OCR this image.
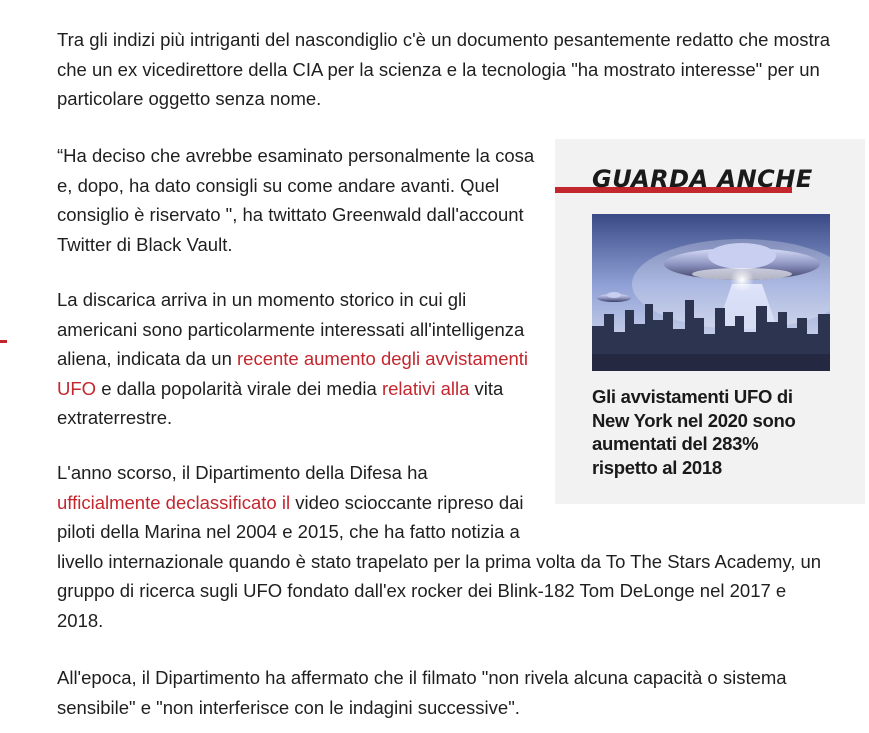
Tra gli indizi più intriganti del nascondiglio c'è un documento pesantemente redatto che mostra che un ex vicedirettore della CIA per la scienza e la tecnologia "ha mostrato interesse" per un particolare oggetto senza nome.

“Ha deciso che avrebbe esaminato personalmente la cosa e, dopo, ha dato consigli su come andare avanti. Quel consiglio è riservato ", ha twittato Greenwald dall'account Twitter di Black Vault.

La discarica arriva in un momento storico in cui gli americani sono particolarmente interessati all'intelligenza aliena, indicata da un recente aumento degli avvistamenti UFO e dalla popolarità virale dei media relativi alla vita extraterrestre.

L'anno scorso, il Dipartimento della Difesa ha ufficialmente declassificato il video scioccante ripreso dai piloti della Marina nel 2004 e 2015, che ha fatto notizia a livello internazionale quando è stato trapelato per la prima volta da To The Stars Academy, un gruppo di ricerca sugli UFO fondato dall'ex rocker dei Blink-182 Tom DeLonge nel 2017 e 2018.

All'epoca, il Dipartimento ha affermato che il filmato "non rivela alcuna capacità o sistema sensibile" e "non interferisce con le indagini successive".

GUARDA ANCHE

Gli avvistamenti UFO di New York nel 2020 sono aumentati del 283% rispetto al 2018
